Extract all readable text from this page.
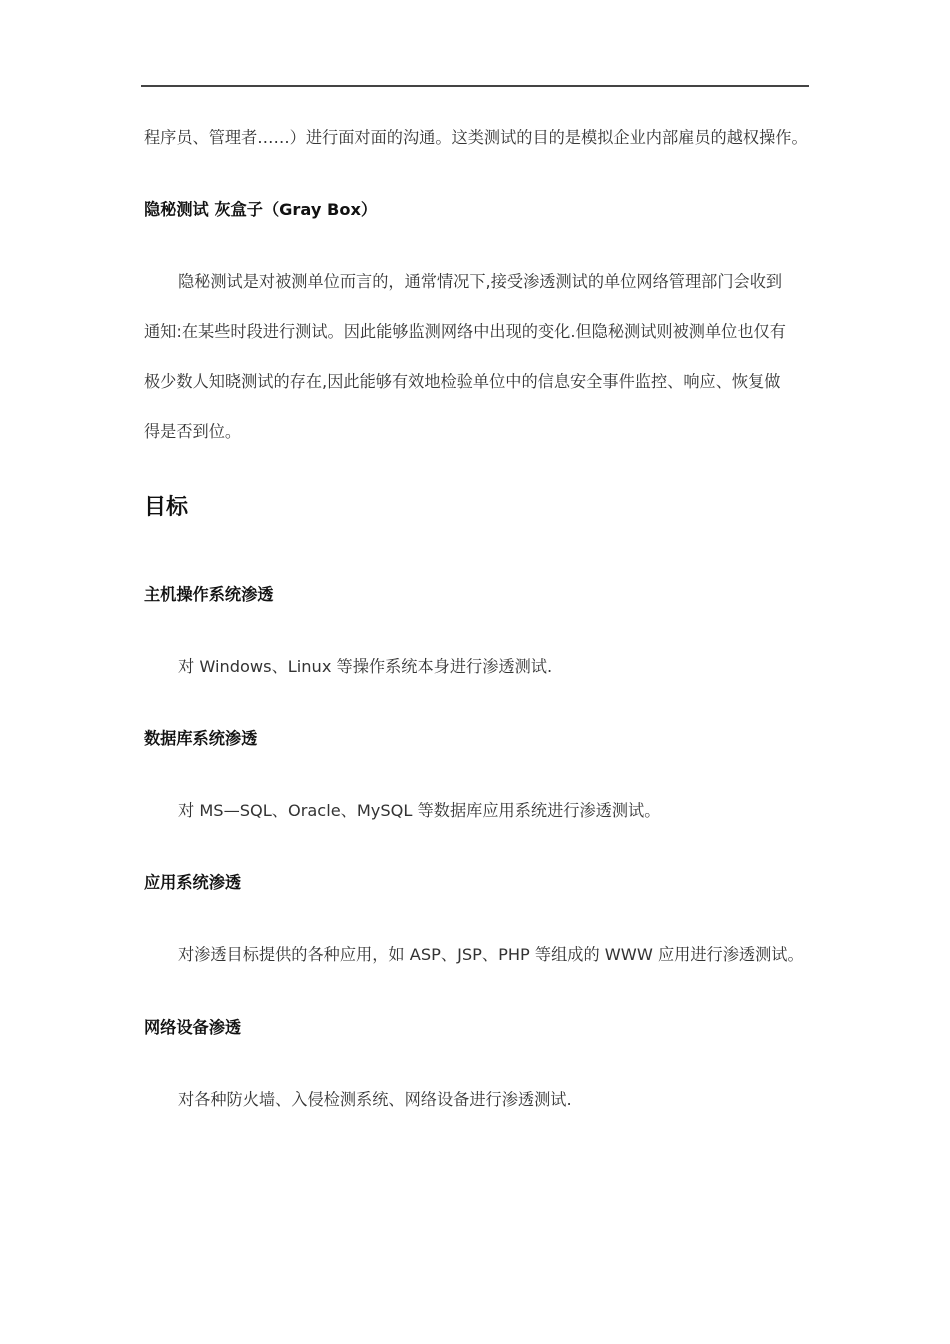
程序员、管理者……）进行面对面的沟通。这类测试的目的是模拟企业内部雇员的越权操作。
隐秘测试 灰盒子（Gray Box）
隐秘测试是对被测单位而言的，通常情况下,接受渗透测试的单位网络管理部门会收到
通知:在某些时段进行测试。因此能够监测网络中出现的变化.但隐秘测试则被测单位也仅有
极少数人知晓测试的存在,因此能够有效地检验单位中的信息安全事件监控、响应、恢复做
得是否到位。
目标
主机操作系统渗透
对 Windows、Linux 等操作系统本身进行渗透测试.
数据库系统渗透
对 MS—SQL、Oracle、MySQL 等数据库应用系统进行渗透测试。
应用系统渗透
对渗透目标提供的各种应用，如 ASP、JSP、PHP 等组成的 WWW 应用进行渗透测试。
网络设备渗透
对各种防火墙、入侵检测系统、网络设备进行渗透测试.
